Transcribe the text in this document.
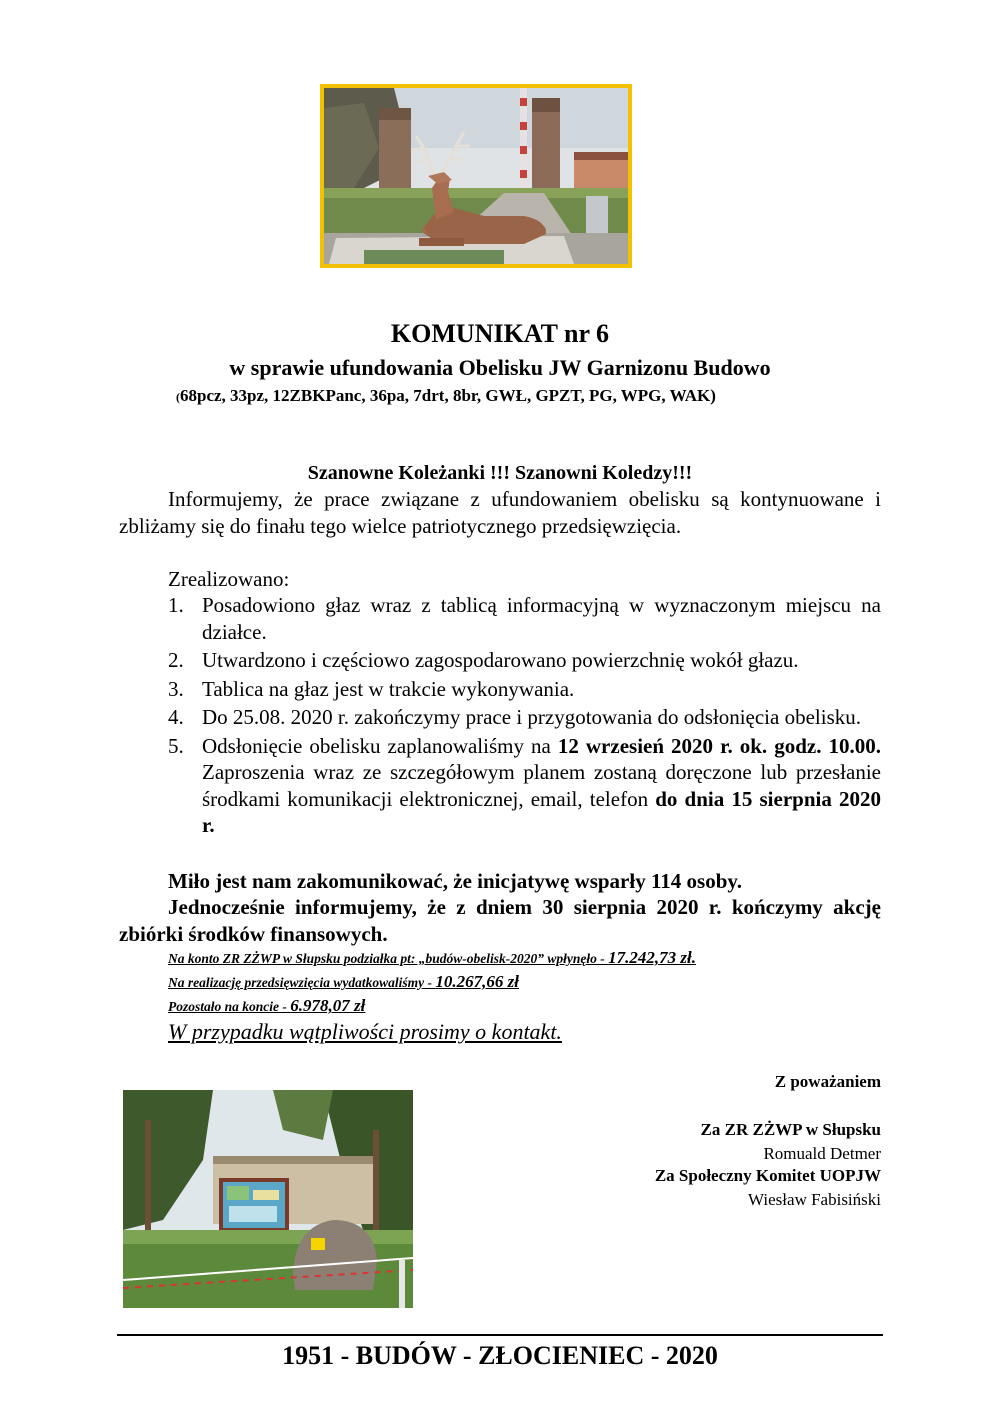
KOMUNIKAT nr 6
w sprawie ufundowania Obelisku JW Garnizonu Budowo
(68pcz, 33pz, 12ZBKPanc, 36pa, 7drt, 8br, GWŁ, GPZT, PG, WPG, WAK)
Szanowne Koleżanki !!! Szanowni Koledzy!!!
Informujemy, że prace związane z ufundowaniem obelisku są kontynuowane i zbliżamy się do finału tego wielce patriotycznego przedsięwzięcia.
Zrealizowano:
1. Posadowiono głaz wraz z tablicą informacyjną w wyznaczonym miejscu na działce.
2. Utwardzono i częściowo zagospodarowano powierzchnię wokół głazu.
3. Tablica na głaz jest w trakcie wykonywania.
4. Do 25.08. 2020 r. zakończymy prace i przygotowania do odsłonięcia obelisku.
5. Odsłonięcie obelisku zaplanowaliśmy na 12 wrzesień 2020 r. ok. godz. 10.00. Zaproszenia wraz ze szczegółowym planem zostaną doręczone lub przesłanie środkami komunikacji elektronicznej, email, telefon do dnia 15 sierpnia 2020 r.
Miło jest nam zakomunikować, że inicjatywę wsparły 114 osoby.
Jednocześnie informujemy, że z dniem 30 sierpnia 2020 r. kończymy akcję zbiórki środków finansowych.
Na konto ZR ZŻWP w Słupsku podziałka pt: „budów-obelisk-2020” wpłynęło - 17.242,73 zł.
Na realizację przedsięwzięcia wydatkowaliśmy - 10.267,66 zł
Pozostało na koncie - 6.978,07 zł
W przypadku wątpliwości prosimy o kontakt.
Z poważaniem
Za ZR ZŻWP w Słupsku
Romuald Detmer
Za Społeczny Komitet UOPJW
Wiesław Fabisiński
1951 - BUDÓW - ZŁOCIENIEC - 2020
